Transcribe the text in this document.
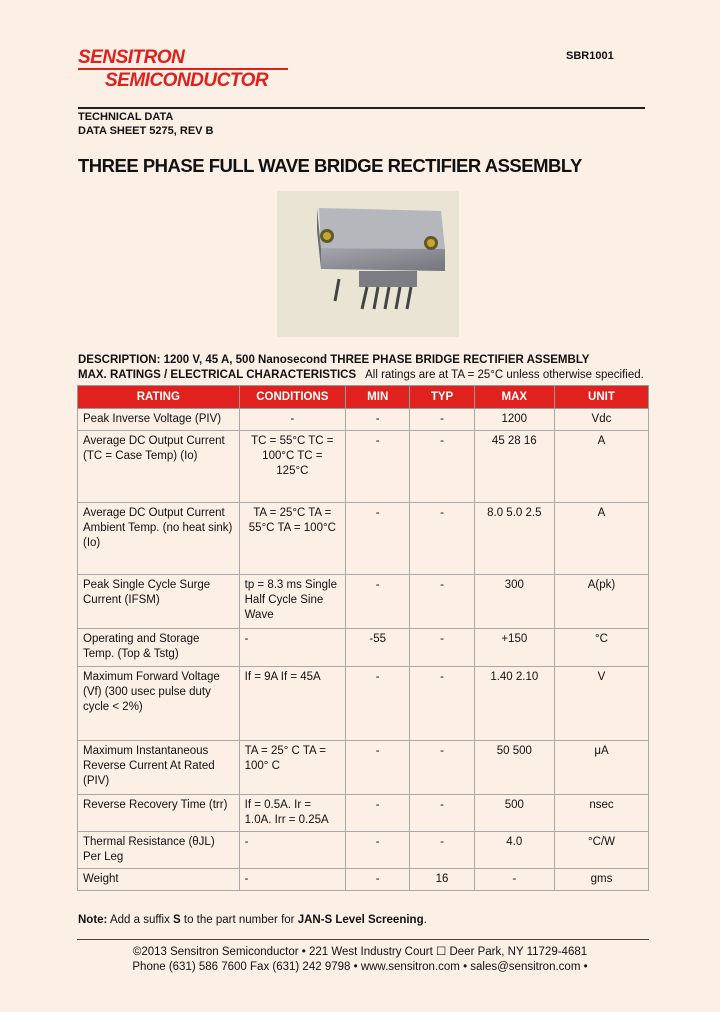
SENSITRON
SEMICONDUCTOR
SBR1001
TECHNICAL DATA
DATA SHEET 5275, REV B
THREE PHASE FULL WAVE BRIDGE RECTIFIER ASSEMBLY
DESCRIPTION: 1200 V, 45 A, 500 Nanosecond THREE PHASE BRIDGE RECTIFIER ASSEMBLY
MAX. RATINGS / ELECTRICAL CHARACTERISTICS All ratings are at TA = 25°C unless otherwise specified.
RATING	CONDITIONS	MIN	TYP	MAX	UNIT
Peak Inverse Voltage (PIV)	-	-	-	1200	Vdc
Average DC Output Current (TC = Case Temp) (Io)	TC = 55°C TC = 100°C TC = 125°C	-	-	45 28 16	A
Average DC Output Current Ambient Temp. (no heat sink) (Io)	TA = 25°C TA = 55°C TA = 100°C	-	-	8.0 5.0 2.5	A
Peak Single Cycle Surge Current (IFSM)	tp = 8.3 ms Single Half Cycle Sine Wave	-	-	300	A(pk)
Operating and Storage Temp. (Top & Tstg)	-	-55	-	+150	°C
Maximum Forward Voltage (Vf) (300 usec pulse duty cycle < 2%)	If = 9A If = 45A	-	-	1.40 2.10	V
Maximum Instantaneous Reverse Current At Rated (PIV)	TA = 25° C TA = 100° C	-	-	50 500	μA
Reverse Recovery Time (trr)	If = 0.5A. Ir = 1.0A. Irr = 0.25A	-	-	500	nsec
Thermal Resistance (θJL) Per Leg	-	-	-	4.0	°C/W
Weight	-	-	16	-	gms
Note: Add a suffix S to the part number for JAN-S Level Screening.
©2013 Sensitron Semiconductor • 221 West Industry Court ☐ Deer Park, NY 11729-4681
Phone (631) 586 7600 Fax (631) 242 9798 • www.sensitron.com • sales@sensitron.com •
